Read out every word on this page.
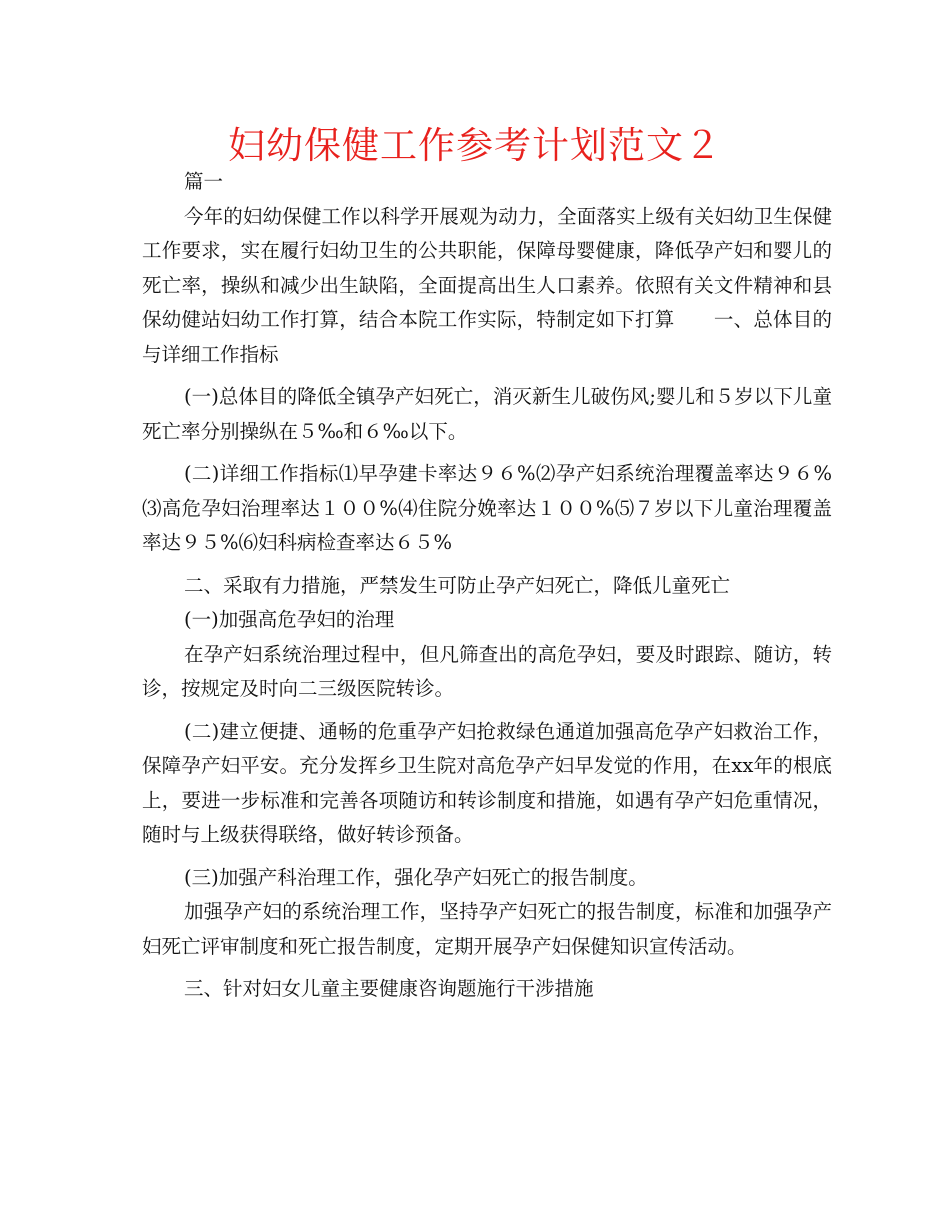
妇幼保健工作参考计划范文２

篇一

今年的妇幼保健工作以科学开展观为动力，全面落实上级有关妇幼卫生保健工作要求，实在履行妇幼卫生的公共职能，保障母婴健康，降低孕产妇和婴儿的死亡率，操纵和减少出生缺陷，全面提高出生人口素养。依照有关文件精神和县保幼健站妇幼工作打算，结合本院工作实际，特制定如下打算　　一、总体目的与详细工作指标

(一)总体目的降低全镇孕产妇死亡，消灭新生儿破伤风;婴儿和５岁以下儿童死亡率分别操纵在５‰和６‰以下。

(二)详细工作指标⑴早孕建卡率达９６%⑵孕产妇系统治理覆盖率达９６%⑶高危孕妇治理率达１００%⑷住院分娩率达１００%⑸７岁以下儿童治理覆盖率达９５%⑹妇科病检查率达６５%

二、采取有力措施，严禁发生可防止孕产妇死亡，降低儿童死亡

(一)加强高危孕妇的治理

在孕产妇系统治理过程中，但凡筛查出的高危孕妇，要及时跟踪、随访，转诊，按规定及时向二三级医院转诊。

(二)建立便捷、通畅的危重孕产妇抢救绿色通道加强高危孕产妇救治工作，保障孕产妇平安。充分发挥乡卫生院对高危孕产妇早发觉的作用，在xx年的根底上，要进一步标准和完善各项随访和转诊制度和措施，如遇有孕产妇危重情况，随时与上级获得联络，做好转诊预备。

(三)加强产科治理工作，强化孕产妇死亡的报告制度。

加强孕产妇的系统治理工作，坚持孕产妇死亡的报告制度，标准和加强孕产妇死亡评审制度和死亡报告制度，定期开展孕产妇保健知识宣传活动。

三、针对妇女儿童主要健康咨询题施行干涉措施
